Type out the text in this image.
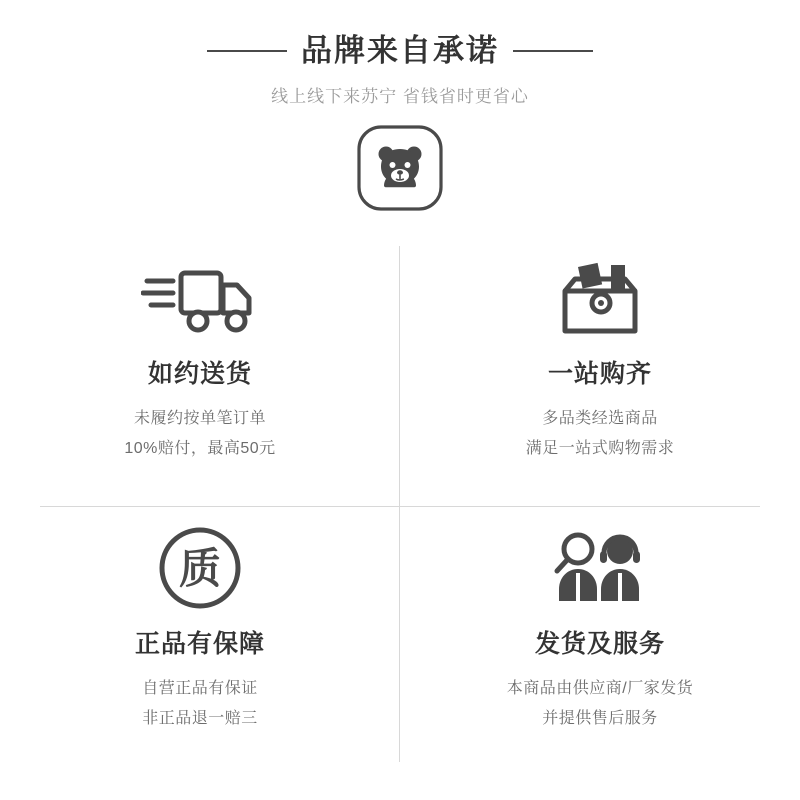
品牌来自承诺
线上线下来苏宁 省钱省时更省心
如约送货
未履约按单笔订单
10%赔付，最高50元
一站购齐
多品类经选商品
满足一站式购物需求
质
正品有保障
自营正品有保证
非正品退一赔三
发货及服务
本商品由供应商/厂家发货
并提供售后服务
